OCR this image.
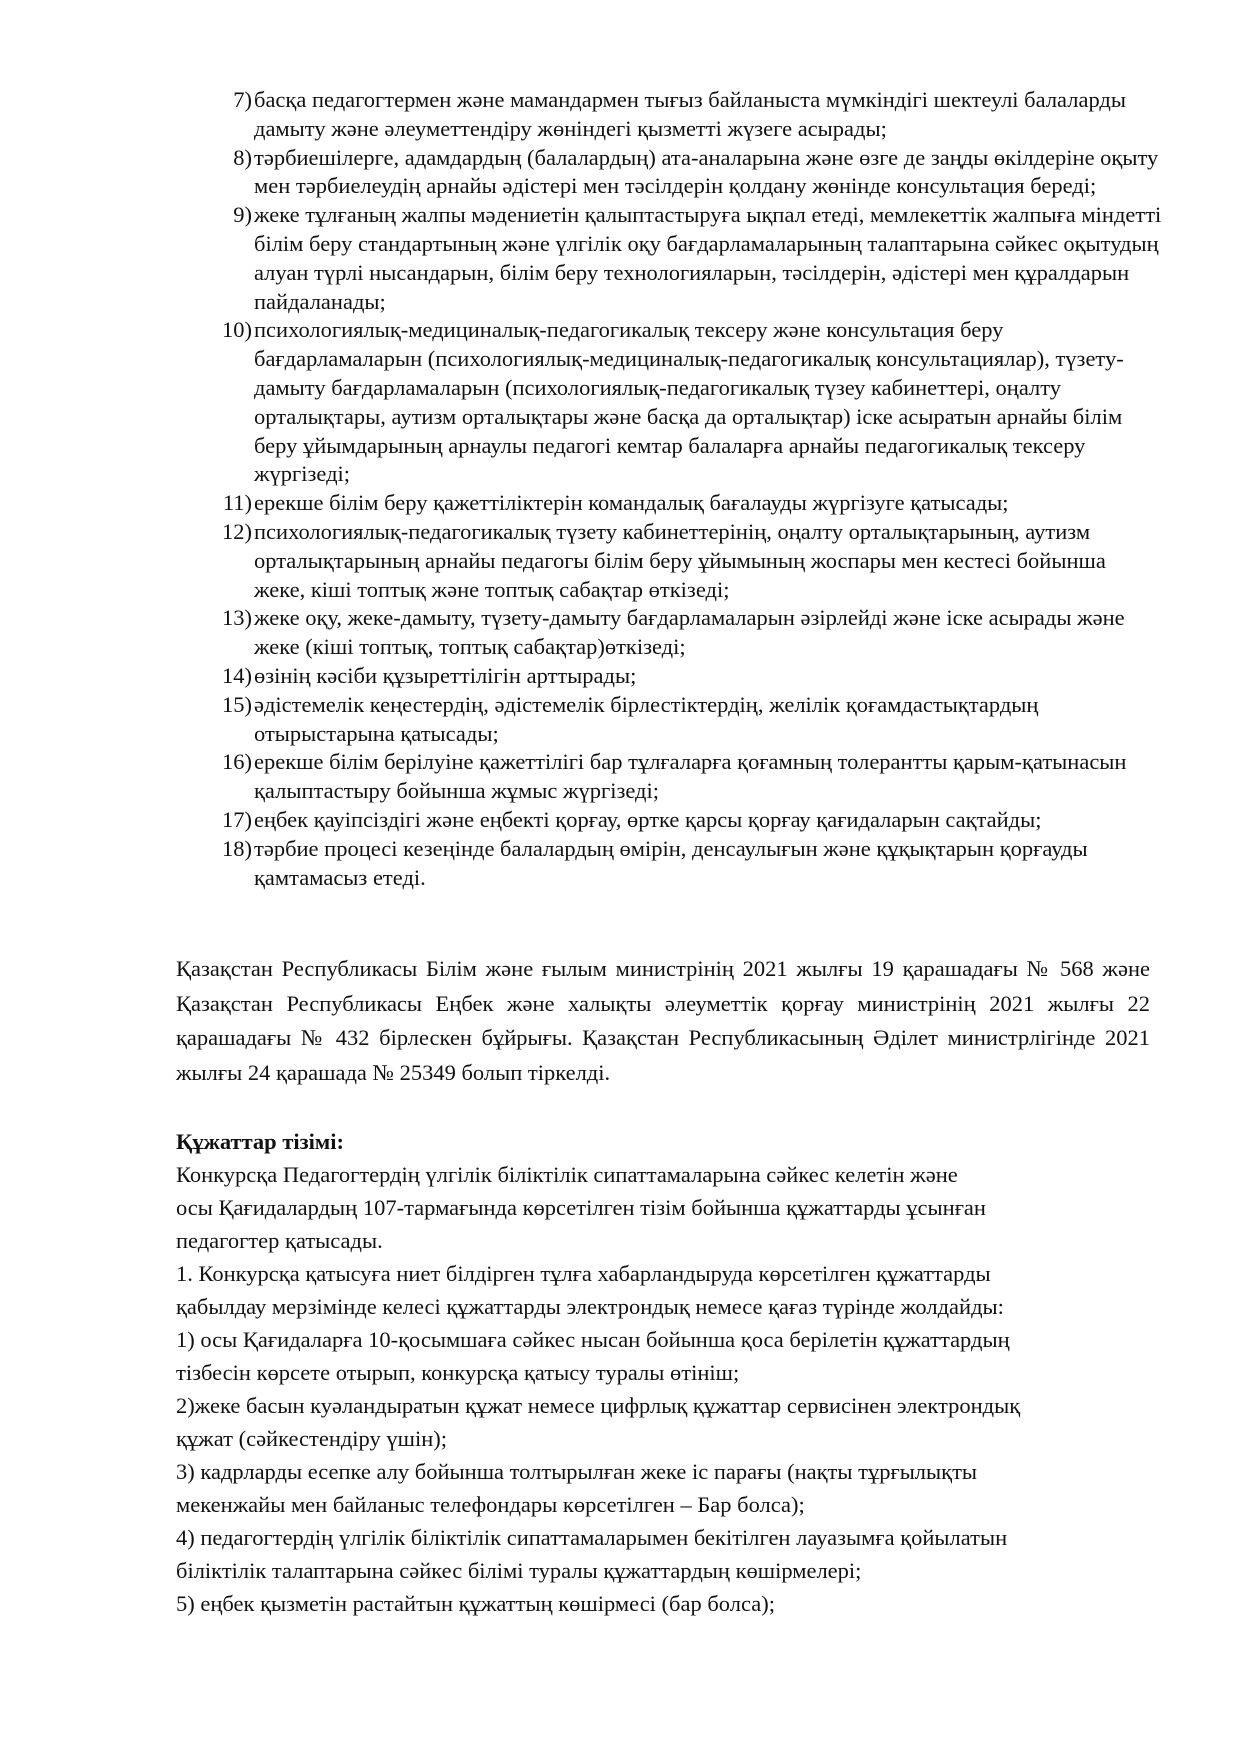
7) басқа педагогтермен және мамандармен тығыз байланыста мүмкіндігі шектеулі балаларды дамыту және әлеуметтендіру жөніндегі қызметті жүзеге асырады;
8) тәрбиешілерге, адамдардың (балалардың) ата-аналарына және өзге де заңды өкілдеріне оқыту мен тәрбиелеудің арнайы әдістері мен тәсілдерін қолдану жөнінде консультация береді;
9) жеке тұлғаның жалпы мәдениетін қалыптастыруға ықпал етеді, мемлекеттік жалпыға міндетті білім беру стандартының және үлгілік оқу бағдарламаларының талаптарына сәйкес оқытудың алуан түрлі нысандарын, білім беру технологияларын, тәсілдерін, әдістері мен құралдарын пайдаланады;
10) психологиялық-медициналық-педагогикалық тексеру және консультация беру бағдарламаларын (психологиялық-медициналық-педагогикалық консультациялар), түзету-дамыту бағдарламаларын (психологиялық-педагогикалық түзеу кабинеттері, оңалту орталықтары, аутизм орталықтары және басқа да орталықтар) іске асыратын арнайы білім беру ұйымдарының арнаулы педагогі кемтар балаларға арнайы педагогикалық тексеру жүргізеді;
11) ерекше білім беру қажеттіліктерін командалық бағалауды жүргізуге қатысады;
12) психологиялық-педагогикалық түзету кабинеттерінің, оңалту орталықтарының, аутизм орталықтарының арнайы педагогы білім беру ұйымының жоспары мен кестесі бойынша жеке, кіші топтық және топтық сабақтар өткізеді;
13) жеке оқу, жеке-дамыту, түзету-дамыту бағдарламаларын әзірлейді және іске асырады және жеке (кіші топтық, топтық сабақтар)өткізеді;
14) өзінің кәсіби құзыреттілігін арттырады;
15) әдістемелік кеңестердің, әдістемелік бірлестіктердің, желілік қоғамдастықтардың отырыстарына қатысады;
16) ерекше білім берілуіне қажеттілігі бар тұлғаларға қоғамның толерантты қарым-қатынасын қалыптастыру бойынша жұмыс жүргізеді;
17) еңбек қауіпсіздігі және еңбекті қорғау, өртке қарсы қорғау қағидаларын сақтайды;
18) тәрбие процесі кезеңінде балалардың өмірін, денсаулығын және құқықтарын қорғауды қамтамасыз етеді.

Қазақстан Республикасы Білім және ғылым министрінің 2021 жылғы 19 қарашадағы № 568 және Қазақстан Республикасы Еңбек және халықты әлеуметтік қорғау министрінің 2021 жылғы 22 қарашадағы № 432 бірлескен бұйрығы. Қазақстан Республикасының Әділет министрлігінде 2021 жылғы 24 қарашада № 25349 болып тіркелді.

Құжаттар тізімі:

Конкурсқа Педагогтердің үлгілік біліктілік сипаттамаларына сәйкес келетін және

осы Қағидалардың 107-тармағында көрсетілген тізім бойынша құжаттарды ұсынған

педагогтер қатысады.

1. Конкурсқа қатысуға ниет білдірген тұлға хабарландыруда көрсетілген құжаттарды

қабылдау мерзімінде келесі құжаттарды электрондық немесе қағаз түрінде жолдайды:

1) осы Қағидаларға 10-қосымшаға сәйкес нысан бойынша қоса берілетін құжаттардың

тізбесін көрсете отырып, конкурсқа қатысу туралы өтініш;

2)жеке басын куәландыратын құжат немесе цифрлық құжаттар сервисінен электрондық

құжат (сәйкестендіру үшін);

3) кадрларды есепке алу бойынша толтырылған жеке іс парағы (нақты тұрғылықты

мекенжайы мен байланыс телефондары көрсетілген – Бар болса);

4) педагогтердің үлгілік біліктілік сипаттамаларымен бекітілген лауазымға қойылатын

біліктілік талаптарына сәйкес білімі туралы құжаттардың көшірмелері;

5) еңбек қызметін растайтын құжаттың көшірмесі (бар болса);
